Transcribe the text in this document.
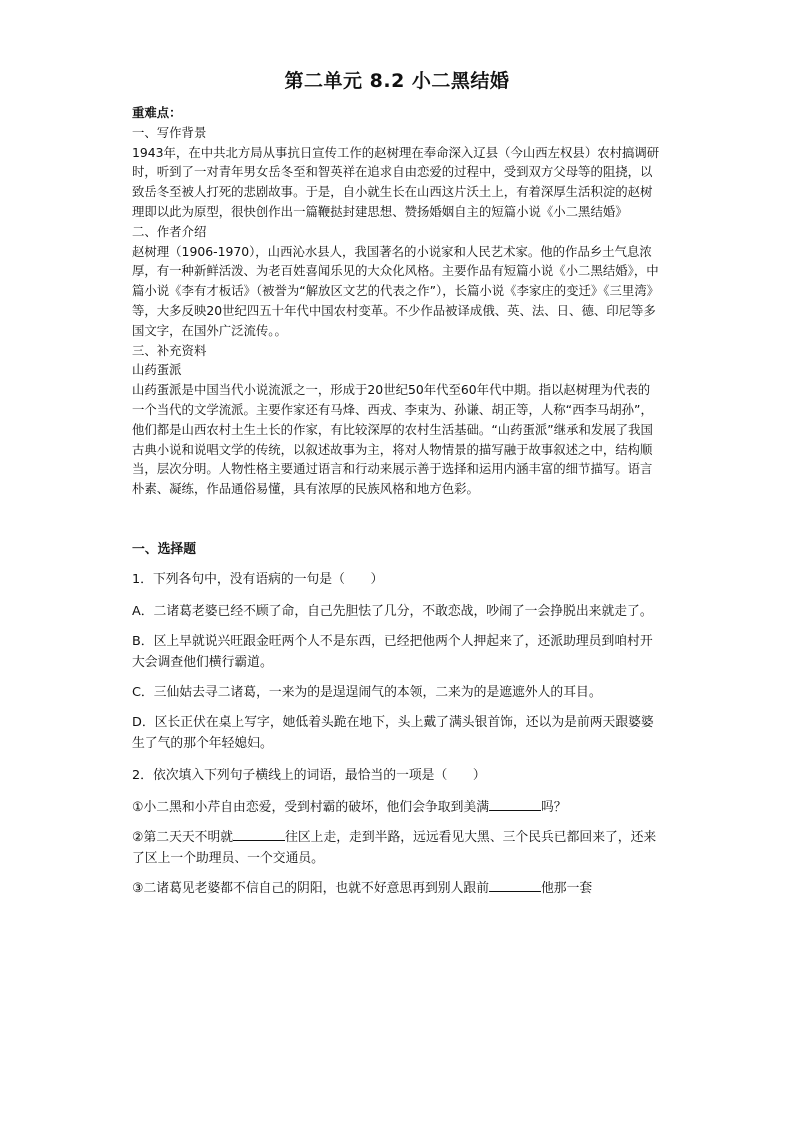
第二单元 8.2 小二黑结婚

重难点：

一、写作背景

1943年，在中共北方局从事抗日宣传工作的赵树理在奉命深入辽县（今山西左权县）农村搞调研时，听到了一对青年男女岳冬至和智英祥在追求自由恋爱的过程中，受到双方父母等的阻挠，以致岳冬至被人打死的悲剧故事。于是，自小就生长在山西这片沃土上，有着深厚生活积淀的赵树理即以此为原型，很快创作出一篇鞭挞封建思想、赞扬婚姻自主的短篇小说《小二黑结婚》

二、作者介绍

赵树理（1906-1970），山西沁水县人，我国著名的小说家和人民艺术家。他的作品乡土气息浓厚，有一种新鲜活泼、为老百姓喜闻乐见的大众化风格。主要作品有短篇小说《小二黑结婚》，中篇小说《李有才板话》（被誉为“解放区文艺的代表之作”），长篇小说《李家庄的变迁》《三里湾》等，大多反映20世纪四五十年代中国农村变革。不少作品被译成俄、英、法、日、德、印尼等多国文字，在国外广泛流传。。

三、补充资料

山药蛋派

山药蛋派是中国当代小说流派之一，形成于20世纪50年代至60年代中期。指以赵树理为代表的一个当代的文学流派。主要作家还有马烽、西戎、李束为、孙谦、胡正等，人称“西李马胡孙”，他们都是山西农村土生土长的作家，有比较深厚的农村生活基础。“山药蛋派”继承和发展了我国古典小说和说唱文学的传统，以叙述故事为主，将对人物情景的描写融于故事叙述之中，结构顺当，层次分明。人物性格主要通过语言和行动来展示善于选择和运用内涵丰富的细节描写。语言朴素、凝练，作品通俗易懂，具有浓厚的民族风格和地方色彩。

一、选择题

1．下列各句中，没有语病的一句是（　　）

A．二诸葛老婆已经不顾了命，自己先胆怯了几分，不敢恋战，吵闹了一会挣脱出来就走了。

B．区上早就说兴旺跟金旺两个人不是东西，已经把他两个人押起来了，还派助理员到咱村开大会调查他们横行霸道。

C．三仙姑去寻二诸葛，一来为的是逞逞闹气的本领，二来为的是遮遮外人的耳目。

D．区长正伏在桌上写字，她低着头跪在地下，头上戴了满头银首饰，还以为是前两天跟婆婆生了气的那个年轻媳妇。

2．依次填入下列句子横线上的词语，最恰当的一项是（　　）

①小二黑和小芹自由恋爱，受到村霸的破坏，他们会争取到美满	吗？

②第二天天不明就	往区上走，走到半路，远远看见大黑、三个民兵已都回来了，还来了区上一个助理员、一个交通员。

③二诸葛见老婆都不信自己的阴阳，也就不好意思再到别人跟前	他那一套
